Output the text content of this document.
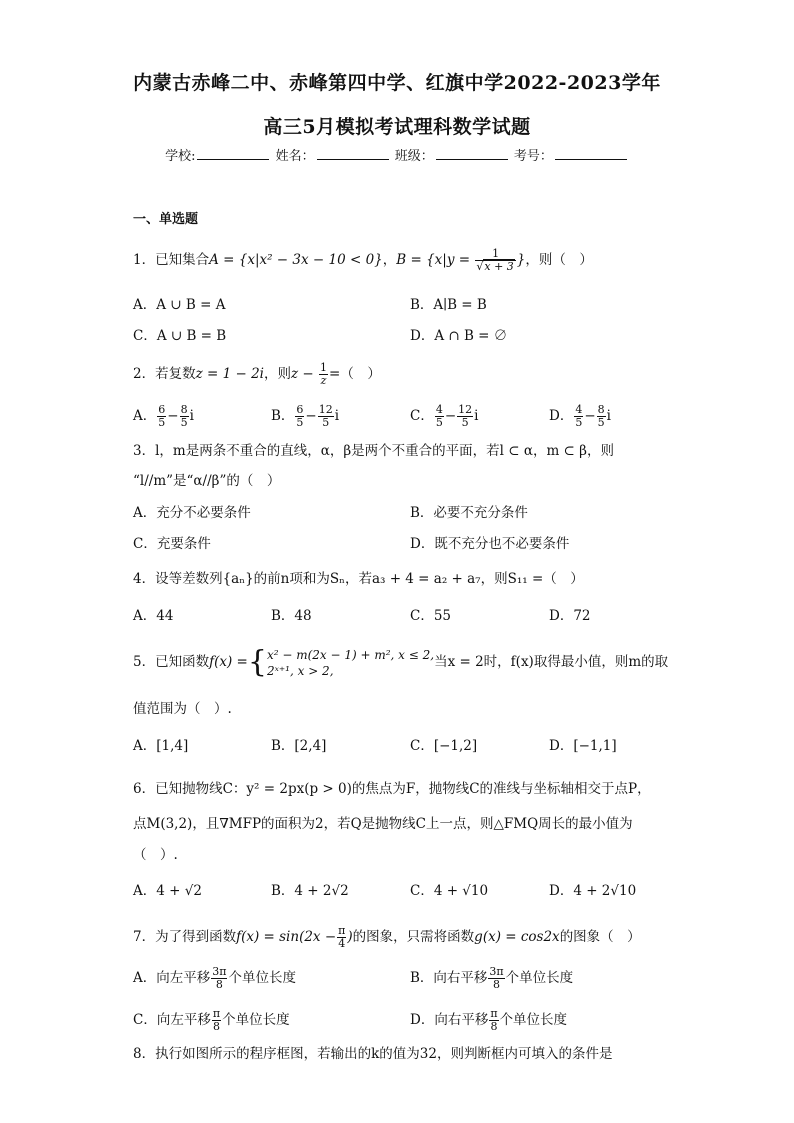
内蒙古赤峰二中、赤峰第四中学、红旗中学2022-2023学年
高三5月模拟考试理科数学试题
学校:	姓名：	班级：	考号：
一、单选题
1．已知集合A = {x|x² − 3x − 10 < 0}，$B = \{x|y = \frac{1}{√x + 3}$ }，则（　）
A．A ∪ B = A	B．A∣B = B
C．A ∪ B = B	D．A ∩ B = ∅
2．若复数z = 1 − 2i，则$z - \frac{1}{z}$ =（　）
A． $\frac{6}{5} - \frac{8}{5}$ i	B． $\frac{6}{5} - \frac{12}{5}$ i	C． $\frac{4}{5} - \frac{12}{5}$ i	D． $\frac{4}{5} - \frac{8}{5}$ i
3．l，m是两条不重合的直线，α，β是两个不重合的平面，若l ⊂ α，m ⊂ β，则
“l//m”是“α//β”的（　）
A．充分不必要条件	B．必要不充分条件
C．充要条件	D．既不充分也不必要条件
4．设等差数列{aₙ}的前n项和为Sₙ，若a₃ + 4 = a₂ + a₇，则S₁₁ =（　）
A．44	B．48	C．55	D．72
5．已知函数f(x) ={ x² − m(2x − 1) + m², x ≤ 2,
2ˣ⁺¹, x > 2,
当x = 2时，f(x)取得最小值，则m的取
值范围为（　）.
A．[1,4]	B．[2,4]	C．[−1,2]	D．[−1,1]
6．已知抛物线C：y² = 2px(p > 0)的焦点为F，抛物线C的准线与坐标轴相交于点P，
点M(3,2)，且∇MFP的面积为2，若Q是抛物线C上一点，则△FMQ周长的最小值为
（　）.
A．4 + √2	B．4 + 2√2	C．4 + √10	D．4 + 2√10
7．为了得到函数$f(x) = \sin(2x - \frac{\pi}{4}$ )的图象，只需将函数g(x) = cos2x的图象（　）
A．向左平移 $\frac{3\pi}{8}$ 个单位长度	B．向右平移 $\frac{3\pi}{8}$ 个单位长度
C．向左平移 $\frac{\pi}{8}$ 个单位长度	D．向右平移 $\frac{\pi}{8}$ 个单位长度
8．执行如图所示的程序框图，若输出的k的值为32，则判断框内可填入的条件是
